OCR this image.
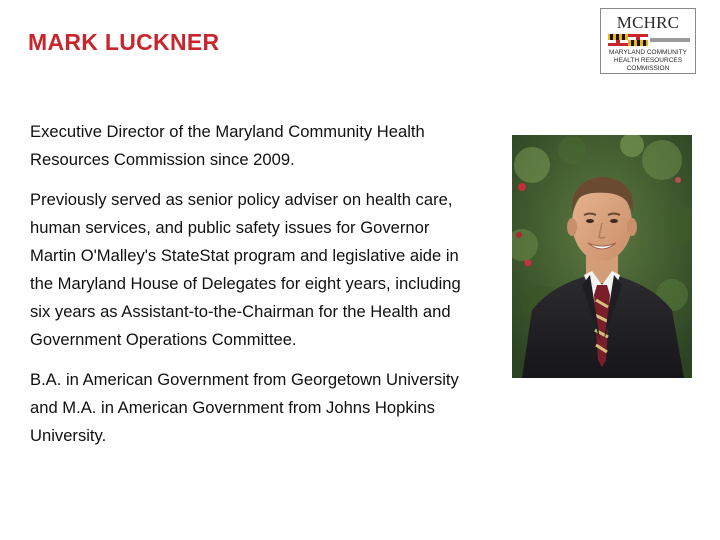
MARK LUCKNER
MCHRC
MARYLAND COMMUNITY
HEALTH RESOURCES
COMMISSION

Executive Director of the Maryland Community Health Resources Commission since 2009.

Previously served as senior policy adviser on health care, human services, and public safety issues for Governor Martin O'Malley's StateStat program and legislative aide in the Maryland House of Delegates for eight years, including six years as Assistant-to-the-Chairman for the Health and Government Operations Committee.

B.A. in American Government from Georgetown University and M.A. in American Government from Johns Hopkins University.
